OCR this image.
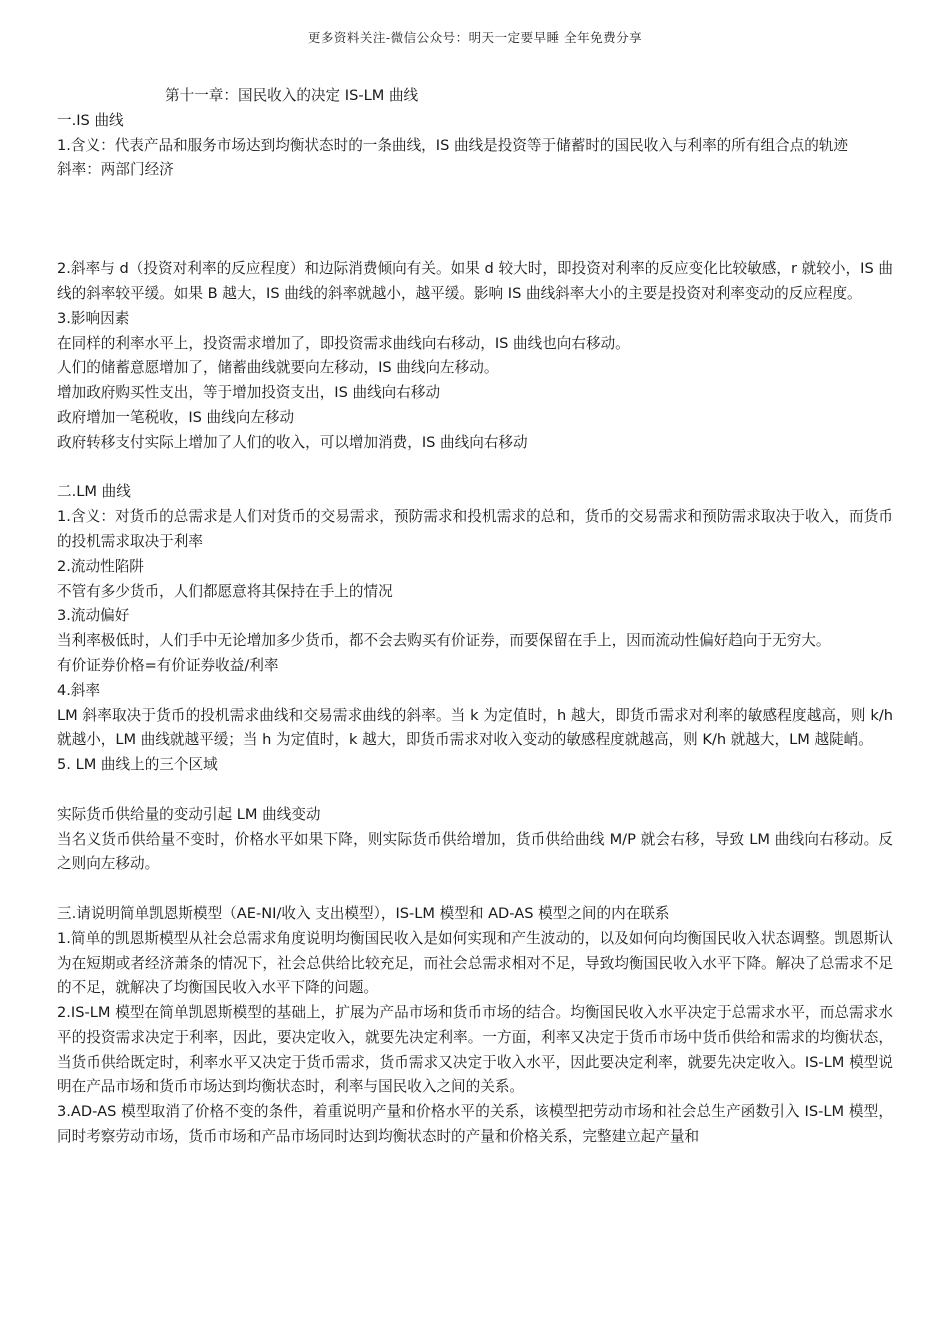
更多资料关注-微信公众号：明天一定要早睡 全年免费分享

第十一章：国民收入的决定 IS-LM 曲线

一.IS 曲线

1.含义：代表产品和服务市场达到均衡状态时的一条曲线，IS 曲线是投资等于储蓄时的国民收入与利率的所有组合点的轨迹

斜率：两部门经济

2.斜率与 d（投资对利率的反应程度）和边际消费倾向有关。如果 d 较大时，即投资对利率的反应变化比较敏感，r 就较小，IS 曲线的斜率较平缓。如果 B 越大，IS 曲线的斜率就越小，越平缓。影响 IS 曲线斜率大小的主要是投资对利率变动的反应程度。

3.影响因素

在同样的利率水平上，投资需求增加了，即投资需求曲线向右移动，IS 曲线也向右移动。

人们的储蓄意愿增加了，储蓄曲线就要向左移动，IS 曲线向左移动。

增加政府购买性支出，等于增加投资支出，IS 曲线向右移动

政府增加一笔税收，IS 曲线向左移动

政府转移支付实际上增加了人们的收入，可以增加消费，IS 曲线向右移动

二.LM 曲线

1.含义：对货币的总需求是人们对货币的交易需求，预防需求和投机需求的总和，货币的交易需求和预防需求取决于收入，而货币的投机需求取决于利率

2.流动性陷阱

不管有多少货币，人们都愿意将其保持在手上的情况

3.流动偏好

当利率极低时，人们手中无论增加多少货币，都不会去购买有价证券，而要保留在手上，因而流动性偏好趋向于无穷大。

有价证券价格=有价证券收益/利率

4.斜率

LM 斜率取决于货币的投机需求曲线和交易需求曲线的斜率。当 k 为定值时，h 越大，即货币需求对利率的敏感程度越高，则 k/h 就越小，LM 曲线就越平缓；当 h 为定值时，k 越大，即货币需求对收入变动的敏感程度就越高，则 K/h 就越大，LM 越陡峭。

5. LM 曲线上的三个区域

实际货币供给量的变动引起 LM 曲线变动

当名义货币供给量不变时，价格水平如果下降，则实际货币供给增加，货币供给曲线 M/P 就会右移，导致 LM 曲线向右移动。反之则向左移动。

三.请说明简单凯恩斯模型（AE-NI/收入 支出模型），IS-LM 模型和 AD-AS 模型之间的内在联系

1.简单的凯恩斯模型从社会总需求角度说明均衡国民收入是如何实现和产生波动的，以及如何向均衡国民收入状态调整。凯恩斯认为在短期或者经济萧条的情况下，社会总供给比较充足，而社会总需求相对不足，导致均衡国民收入水平下降。解决了总需求不足的不足，就解决了均衡国民收入水平下降的问题。

2.IS-LM 模型在简单凯恩斯模型的基础上，扩展为产品市场和货币市场的结合。均衡国民收入水平决定于总需求水平，而总需求水平的投资需求决定于利率，因此，要决定收入，就要先决定利率。一方面，利率又决定于货币市场中货币供给和需求的均衡状态，当货币供给既定时，利率水平又决定于货币需求，货币需求又决定于收入水平，因此要决定利率，就要先决定收入。IS-LM 模型说明在产品市场和货币市场达到均衡状态时，利率与国民收入之间的关系。

3.AD-AS 模型取消了价格不变的条件，着重说明产量和价格水平的关系，该模型把劳动市场和社会总生产函数引入 IS-LM 模型，同时考察劳动市场，货币市场和产品市场同时达到均衡状态时的产量和价格关系，完整建立起产量和
